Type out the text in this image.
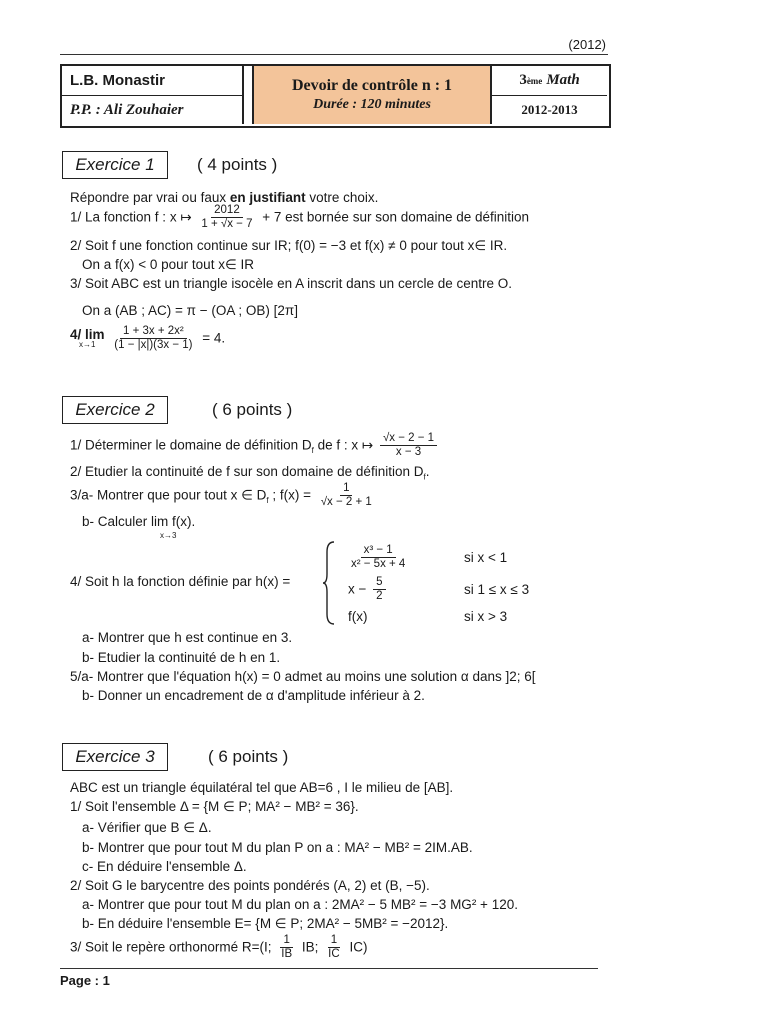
(2012)
L.B. Monastir
P.P. : Ali Zouhaier
Devoir de contrôle n : 1
Durée : 120 minutes
3 ème Math
2012-2013
Exercice 1	( 4 points )
Répondre par vrai ou faux en justifiant votre choix.
1/ La fonction f : x ↦ $\frac{2012}{1 + √x - 7} + 7$ est bornée sur son domaine de définition
2/ Soit f une fonction continue sur IR; f(0) = −3 et f(x) ≠ 0 pour tout x∈ IR.
On a f(x) < 0 pour tout x∈ IR
3/ Soit ABC est un triangle isocèle en A inscrit dans un cercle de centre O.
On a (AB ; AC) = π − (OA ; OB) [2π]
4/ lim
x→1
$\frac{\text{1 + 3x + 2x²}}{(1 - |x|)(3x - 1)} = 4$.
Exercice 2	( 6 points )
1/ Déterminer le domaine de définition $D_f$ de f : x ↦ $\frac{√x - 2 - 1}{x - 3}$
2/ Etudier la continuité de f sur son domaine de définition $D_f$.
3/a- Montrer que pour tout x ∈ $D_f$ ; $f(x) = \frac{1}{√x - 2 + 1}$
b- Calculer lim f(x).
x→3
4/ Soit h la fonction définie par h(x) =
$\frac{\text{x³ − 1}}{\text{x² − 5x + 4}}$	si x < 1
$x - \frac{5}{2}$	si 1 ≤ x ≤ 3
f(x)	si x > 3
a- Montrer que h est continue en 3.
b- Etudier la continuité de h en 1.
5/a- Montrer que l'équation h(x) = 0 admet au moins une solution α dans ]2; 6[
b- Donner un encadrement de α d'amplitude inférieur à 2.
Exercice 3	( 6 points )
ABC est un triangle équilatéral tel que AB=6 , I le milieu de [AB].
1/ Soit l'ensemble Δ = {M ∈ P; MA² − MB² = 36}.
a- Vérifier que B ∈ Δ.
b- Montrer que pour tout M du plan P on a : MA² − MB² = 2IM.AB.
c- En déduire l'ensemble Δ.
2/ Soit G le barycentre des points pondérés (A, 2) et (B, −5).
a- Montrer que pour tout M du plan on a : 2MA² − 5 MB² = −3 MG² + 120.
b- En déduire l'ensemble E= {M ∈ P; 2MA² − 5MB² = −2012}.
3/ Soit le repère orthonormé R=(I; $\frac{1}{IB}$ IB; $\frac{1}{IC} IC$)
Page : 1
